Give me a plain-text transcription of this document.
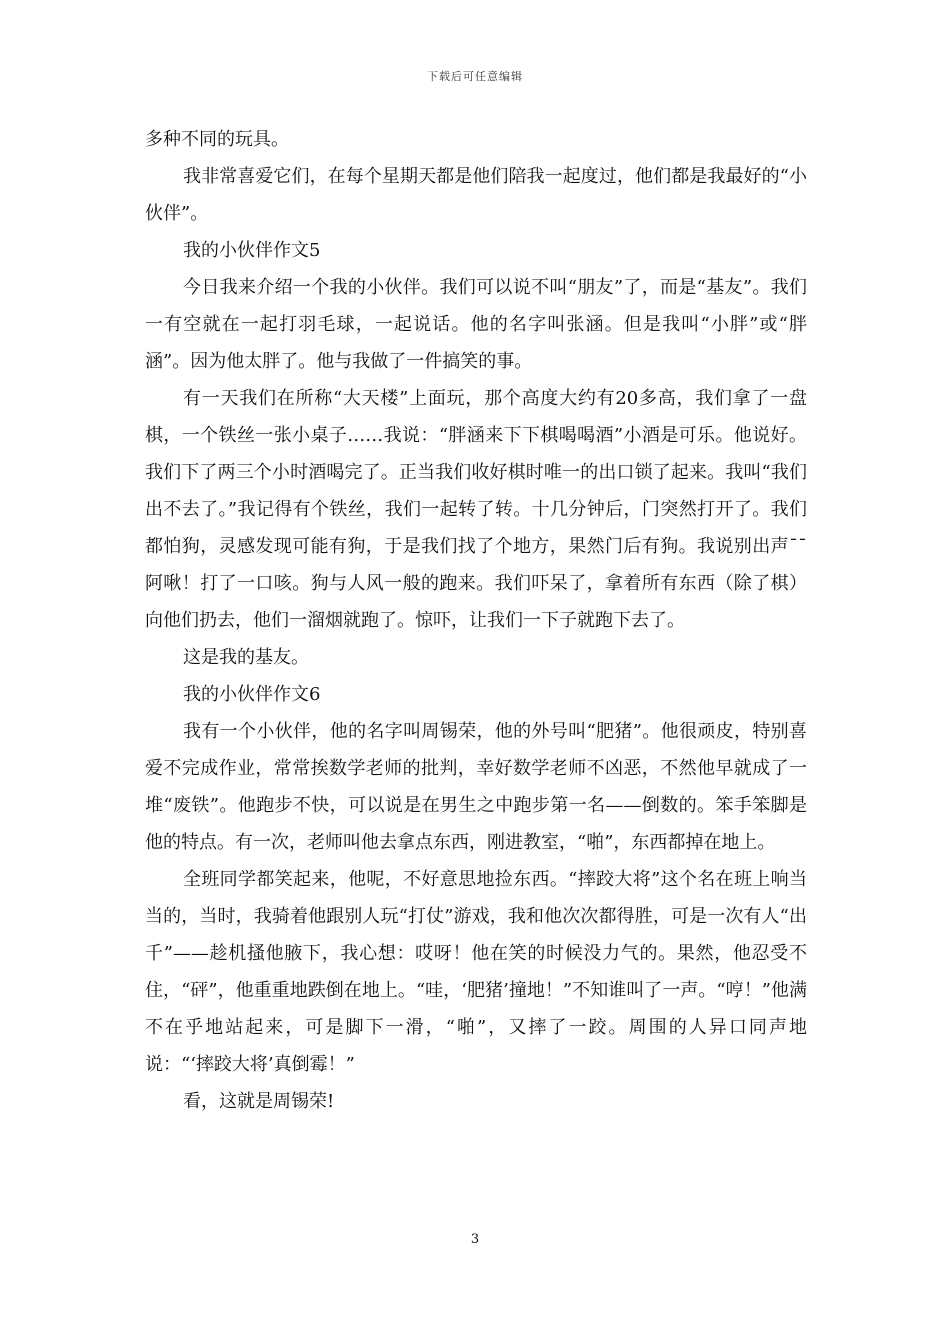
下载后可任意编辑

多种不同的玩具。

我非常喜爱它们，在每个星期天都是他们陪我一起度过，他们都是我最好的“小伙伴”。

我的小伙伴作文5

今日我来介绍一个我的小伙伴。我们可以说不叫“朋友”了，而是“基友”。我们一有空就在一起打羽毛球，一起说话。他的名字叫张涵。但是我叫“小胖”或“胖涵”。因为他太胖了。他与我做了一件搞笑的事。

有一天我们在所称“大天楼”上面玩，那个高度大约有20多高，我们拿了一盘棋，一个铁丝一张小桌子……我说：“胖涵来下下棋喝喝酒”小酒是可乐。他说好。我们下了两三个小时酒喝完了。正当我们收好棋时唯一的出口锁了起来。我叫“我们出不去了。”我记得有个铁丝，我们一起转了转。十几分钟后，门突然打开了。我们都怕狗，灵感发现可能有狗，于是我们找了个地方，果然门后有狗。我说别出声¯¯阿啾！打了一口咳。狗与人风一般的跑来。我们吓呆了，拿着所有东西（除了棋）向他们扔去，他们一溜烟就跑了。惊吓，让我们一下子就跑下去了。

这是我的基友。

我的小伙伴作文6

我有一个小伙伴，他的名字叫周锡荣，他的外号叫“肥猪”。他很顽皮，特别喜爱不完成作业，常常挨数学老师的批判，幸好数学老师不凶恶，不然他早就成了一堆“废铁”。他跑步不快，可以说是在男生之中跑步第一名——倒数的。笨手笨脚是他的特点。有一次，老师叫他去拿点东西，刚进教室，“啪”，东西都掉在地上。

全班同学都笑起来，他呢，不好意思地捡东西。“摔跤大将”这个名在班上响当当的，当时，我骑着他跟别人玩“打仗”游戏，我和他次次都得胜，可是一次有人“出千”——趁机搔他腋下，我心想：哎呀！他在笑的时候没力气的。果然，他忍受不住，“砰”，他重重地跌倒在地上。“哇，‘肥猪’撞地！”不知谁叫了一声。“哼！”他满不在乎地站起来，可是脚下一滑，“啪”，又摔了一跤。周围的人异口同声地说：“‘摔跤大将’真倒霉！”

看，这就是周锡荣!

3
